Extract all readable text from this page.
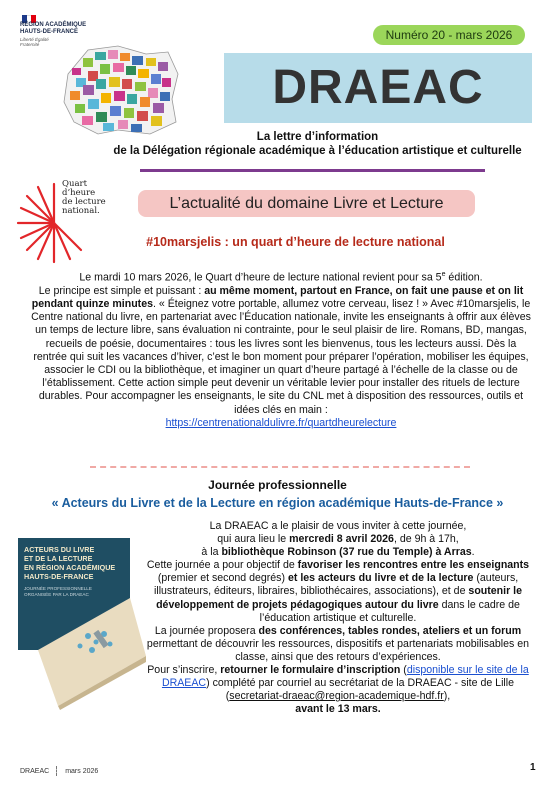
RÉGION ACADÉMIQUE
HAUTS-DE-FRANCE
Liberté Égalité Fraternité
Numéro 20 - mars 2026
DRAEAC
La lettre d’information
de la Délégation régionale académique à l’éducation artistique et culturelle
Quart
d’heure
de lecture
national.	L’actualité du domaine Livre et Lecture
#10marsjelis : un quart d’heure de lecture national
Le mardi 10 mars 2026, le Quart d’heure de lecture national revient pour sa 5e édition.
Le principe est simple et puissant : au même moment, partout en France, on fait une pause et on lit pendant quinze minutes. « Éteignez votre portable, allumez votre cerveau, lisez ! » Avec #10marsjelis, le Centre national du livre, en partenariat avec l’Éducation nationale, invite les enseignants à offrir aux élèves un temps de lecture libre, sans évaluation ni contrainte, pour le seul plaisir de lire. Romans, BD, mangas, recueils de poésie, documentaires : tous les livres sont les bienvenus, tous les lecteurs aussi. Dès la rentrée qui suit les vacances d’hiver, c’est le bon moment pour préparer l’opération, mobiliser les équipes, associer le CDI ou la bibliothèque, et imaginer un quart d’heure partagé à l’échelle de la classe ou de l’établissement. Cette action simple peut devenir un véritable levier pour installer des rituels de lecture durables. Pour accompagner les enseignants, le site du CNL met à disposition des ressources, outils et idées clés en main :
https://centrenationaldulivre.fr/quartdheurelecture
Journée professionnelle
« Acteurs du Livre et de la Lecture en région académique Hauts-de-France »
ACTEURS DU LIVRE
ET DE LA LECTURE
EN RÉGION ACADÉMIQUE
HAUTS-DE-FRANCE
JOURNÉE PROFESSIONNELLE
ORGANISÉE PAR LA DRAEAC
La DRAEAC a le plaisir de vous inviter à cette journée,
qui aura lieu le mercredi 8 avril 2026, de 9h à 17h,
à la bibliothèque Robinson (37 rue du Temple) à Arras.
Cette journée a pour objectif de favoriser les rencontres entre les enseignants (premier et second degrés) et les acteurs du livre et de la lecture (auteurs, illustrateurs, éditeurs, libraires, bibliothécaires, associations), et de soutenir le développement de projets pédagogiques autour du livre dans le cadre de l’éducation artistique et culturelle.
La journée proposera des conférences, tables rondes, ateliers et un forum permettant de découvrir les ressources, dispositifs et partenariats mobilisables en classe, ainsi que des retours d’expériences.
Pour s’inscrire, retourner le formulaire d’inscription (disponible sur le site de la DRAEAC) complété par courriel au secrétariat de la DRAEAC - site de Lille (secretariat-draeac@region-academique-hdf.fr),
avant le 13 mars.
DRAEAC mars 2026	1
